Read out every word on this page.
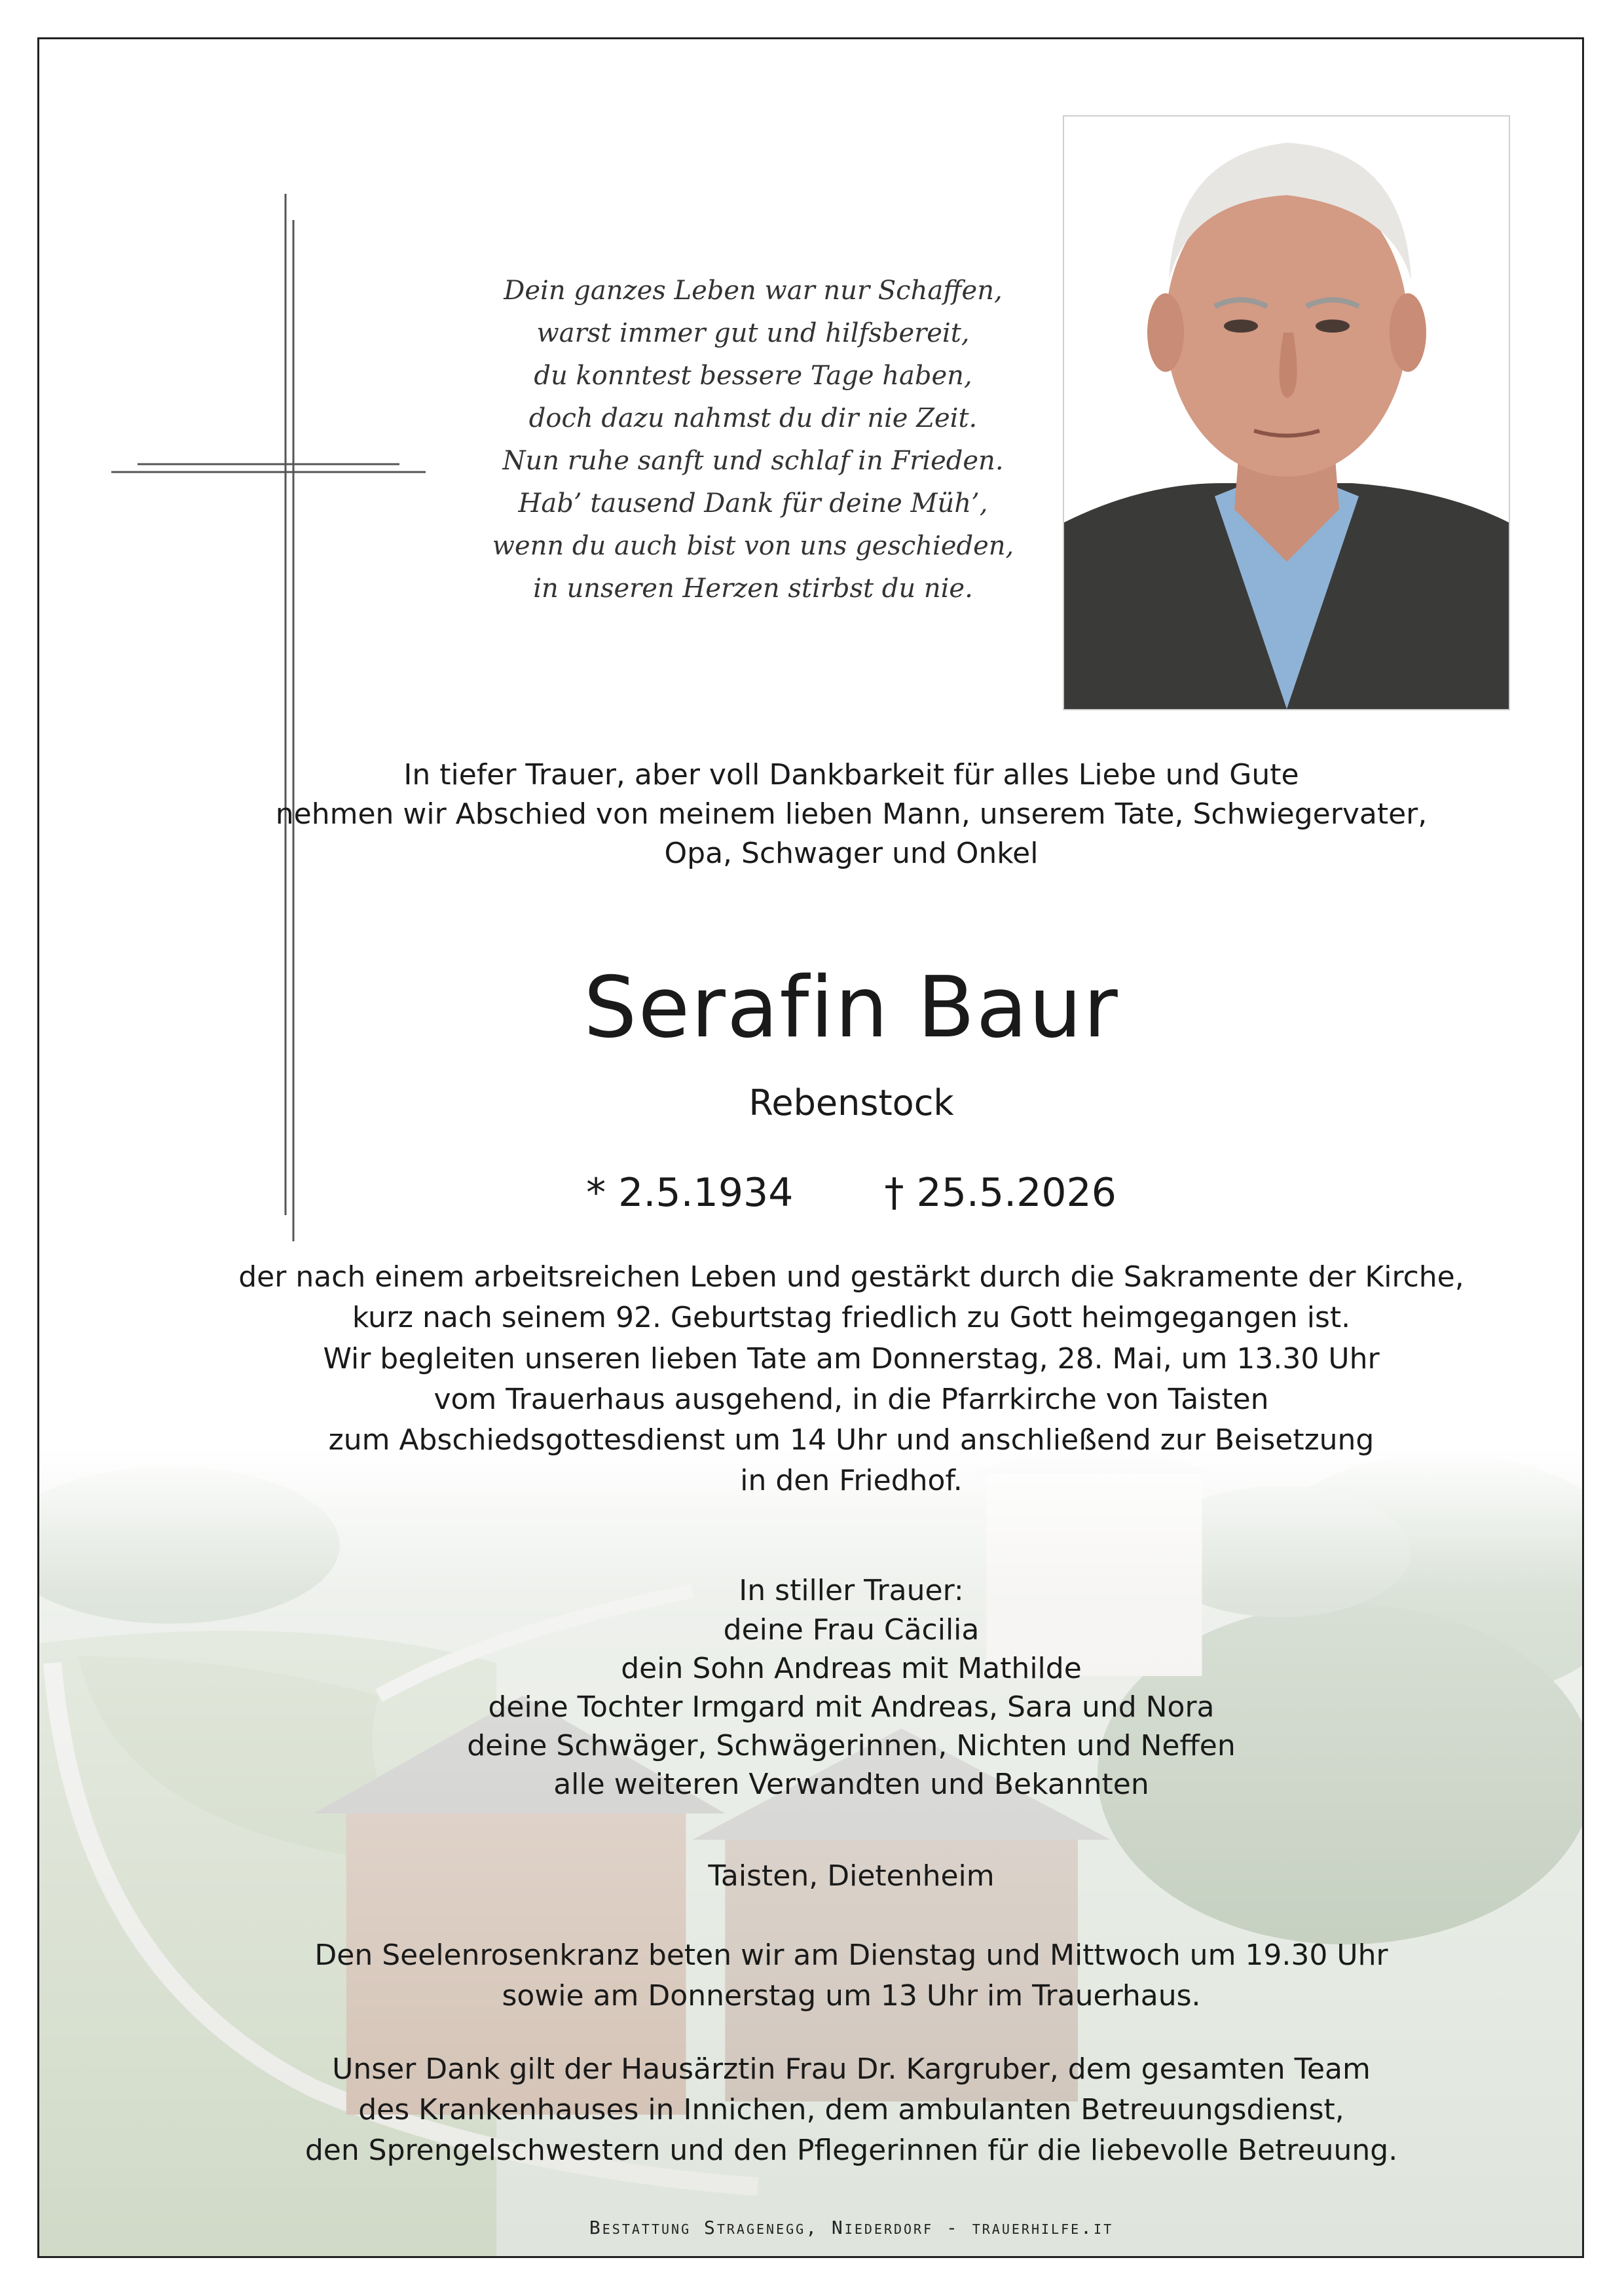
Dein ganzes Leben war nur Schaffen,
warst immer gut und hilfsbereit,
du konntest bessere Tage haben,
doch dazu nahmst du dir nie Zeit.
Nun ruhe sanft und schlaf in Frieden.
Hab’ tausend Dank für deine Müh’,
wenn du auch bist von uns geschieden,
in unseren Herzen stirbst du nie.
In tiefer Trauer, aber voll Dankbarkeit für alles Liebe und Gute
nehmen wir Abschied von meinem lieben Mann, unserem Tate, Schwiegervater,
Opa, Schwager und Onkel
Serafin Baur
Rebenstock
* 2.5.1934 † 25.5.2026
der nach einem arbeitsreichen Leben und gestärkt durch die Sakramente der Kirche,
kurz nach seinem 92. Geburtstag friedlich zu Gott heimgegangen ist.
Wir begleiten unseren lieben Tate am Donnerstag, 28. Mai, um 13.30 Uhr
vom Trauerhaus ausgehend, in die Pfarrkirche von Taisten
zum Abschiedsgottesdienst um 14 Uhr und anschließend zur Beisetzung
in den Friedhof.
In stiller Trauer:
deine Frau Cäcilia
dein Sohn Andreas mit Mathilde
deine Tochter Irmgard mit Andreas, Sara und Nora
deine Schwäger, Schwägerinnen, Nichten und Neffen
alle weiteren Verwandten und Bekannten
Taisten, Dietenheim
Den Seelenrosenkranz beten wir am Dienstag und Mittwoch um 19.30 Uhr
sowie am Donnerstag um 13 Uhr im Trauerhaus.
Unser Dank gilt der Hausärztin Frau Dr. Kargruber, dem gesamten Team
des Krankenhauses in Innichen, dem ambulanten Betreuungsdienst,
den Sprengelschwestern und den Pflegerinnen für die liebevolle Betreuung.
Bestattung Stragenegg, Niederdorf - trauerhilfe.it
